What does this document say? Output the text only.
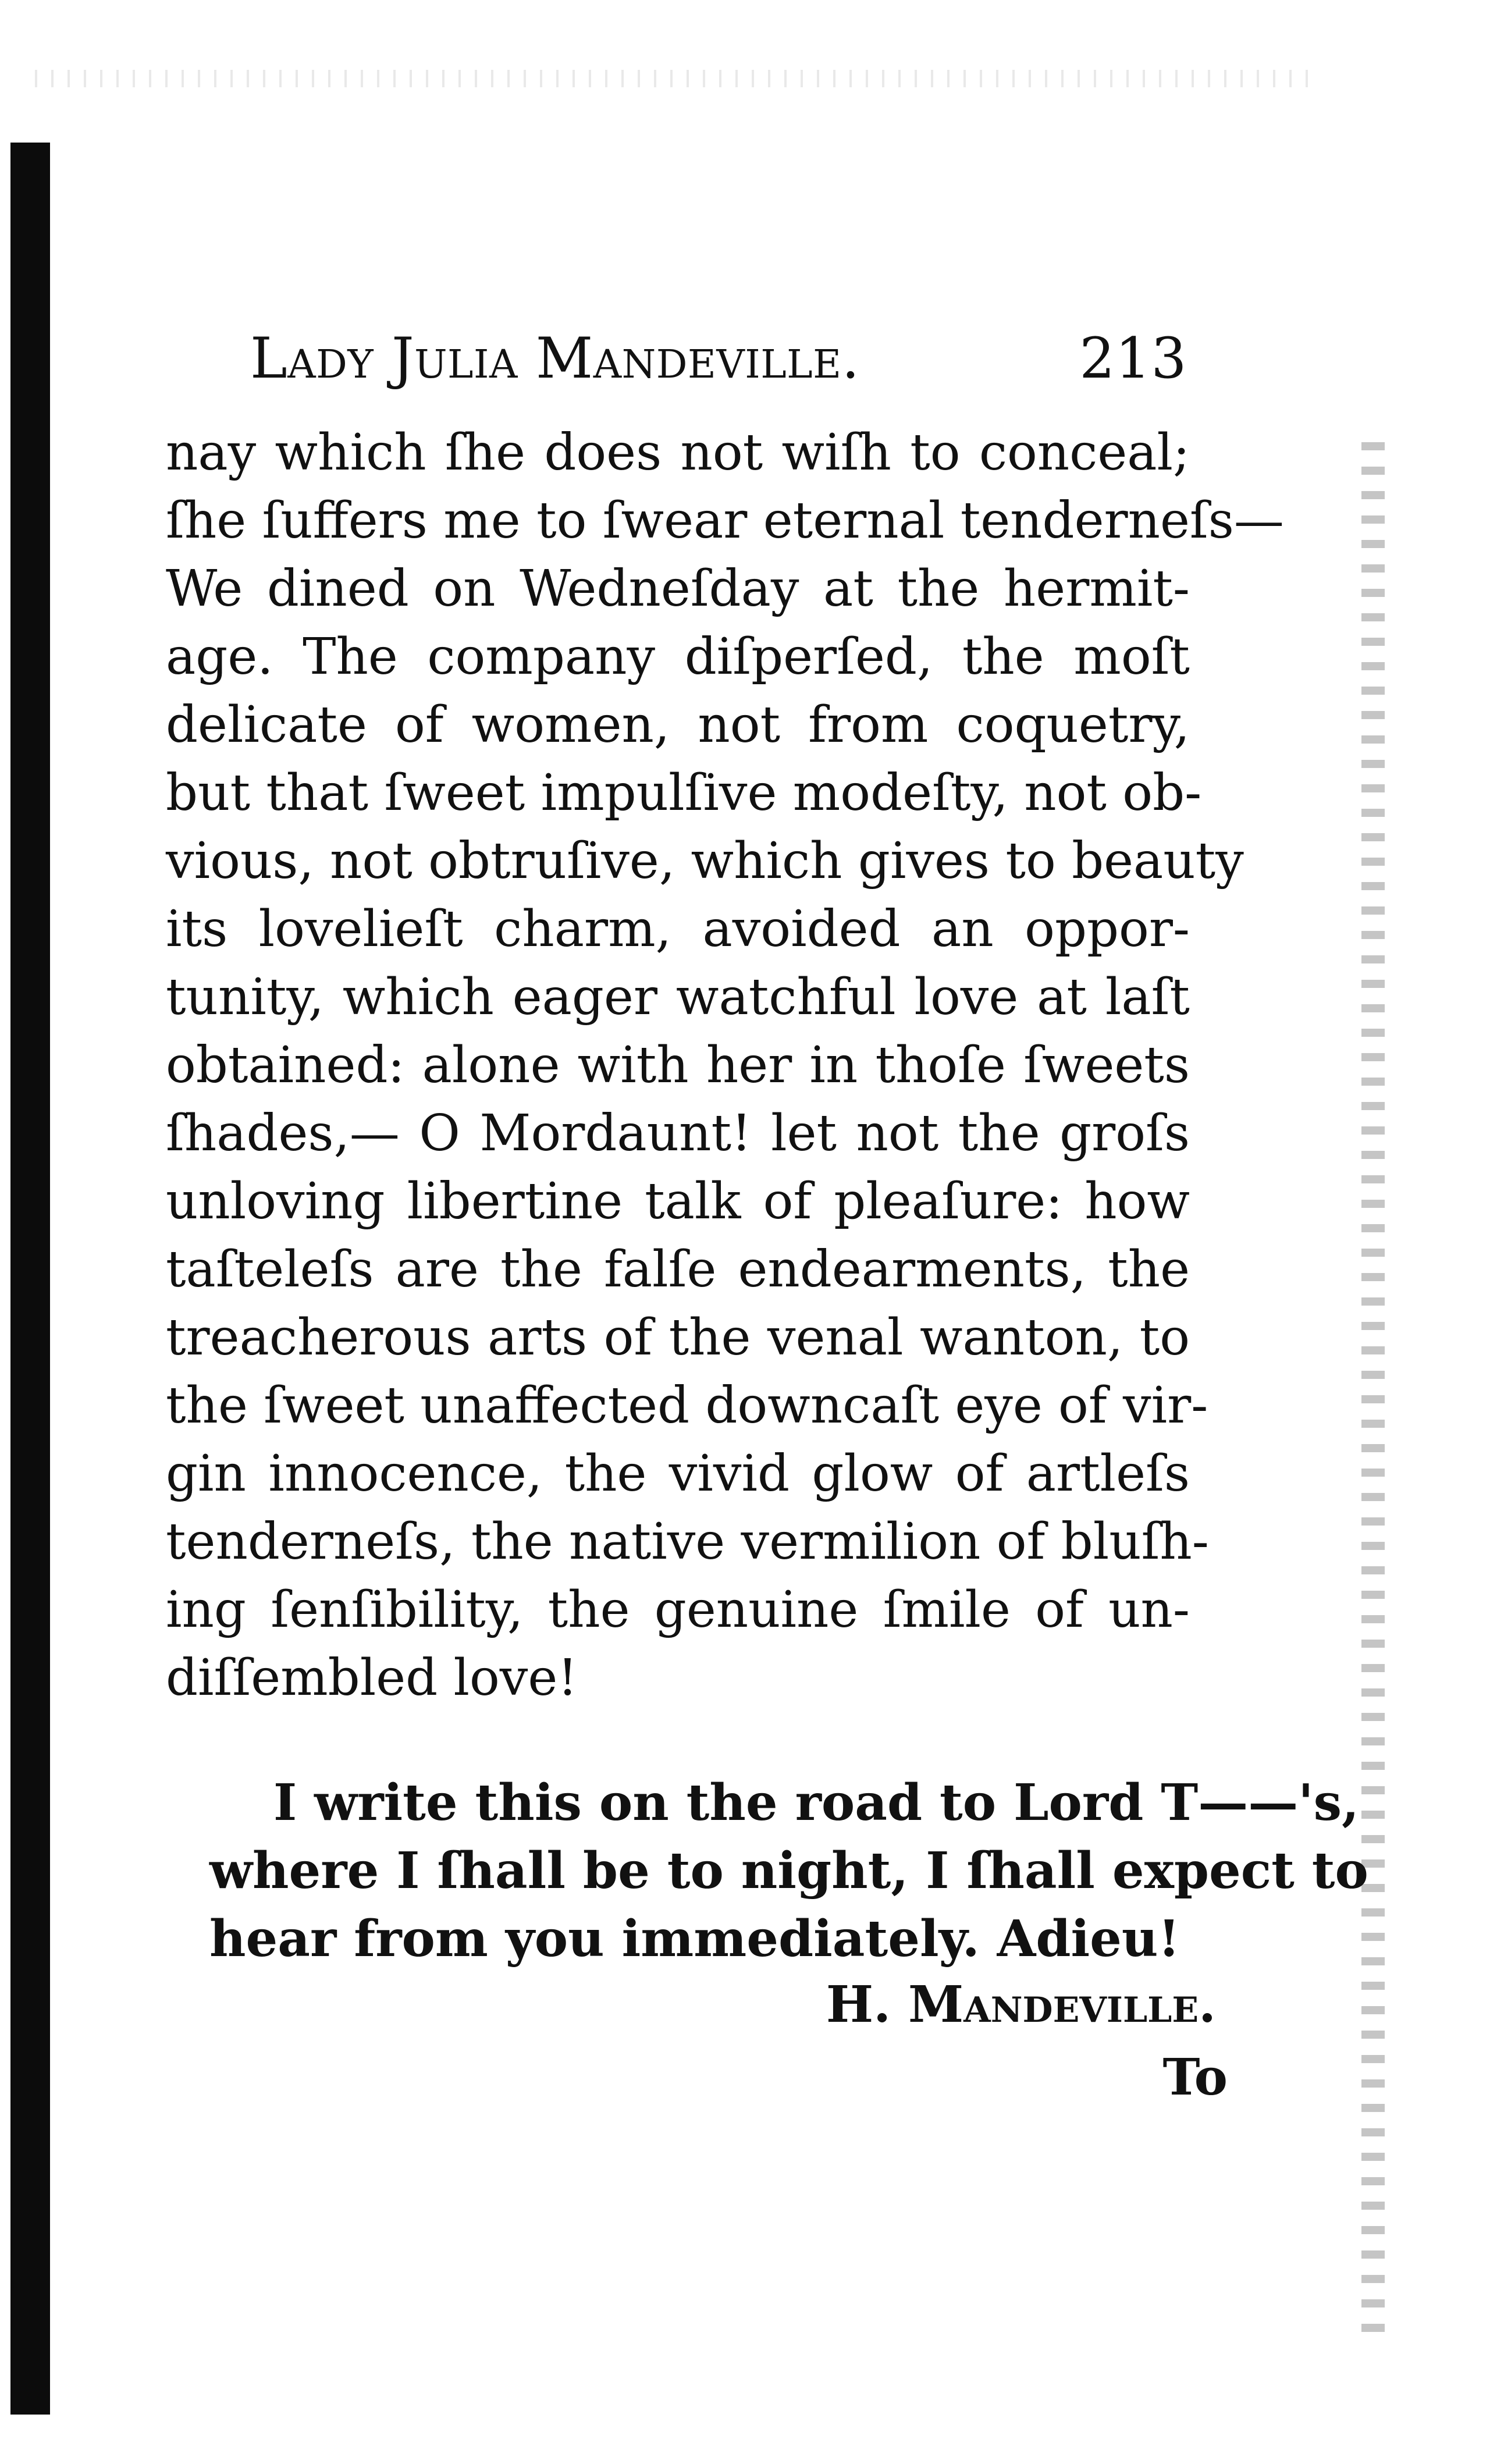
Lady Julia Mandeville.	213
nay which ſhe does not wiſh to conceal;
ſhe ſuffers me to ſwear eternal tenderneſs—
We dined on Wedneſday at the hermit-
age. The company diſperſed, the moſt
delicate of women, not from coquetry,
but that ſweet impulſive modeſty, not ob-
vious, not obtruſive, which gives to beauty
its lovelieſt charm, avoided an oppor-
tunity, which eager watchful love at laſt
obtained: alone with her in thoſe ſweets
ſhades,— O Mordaunt! let not the groſs
unloving libertine talk of pleaſure: how
taſteleſs are the falſe endearments, the
treacherous arts of the venal wanton, to
the ſweet unaffected downcaſt eye of vir-
gin innocence, the vivid glow of artleſs
tenderneſs, the native vermilion of bluſh-
ing ſenſibility, the genuine ſmile of un-
diſſembled love!
I write this on the road to Lord T——'s,
where I ſhall be to night, I ſhall expect to
hear from you immediately. Adieu!
H. Mandeville.
To
